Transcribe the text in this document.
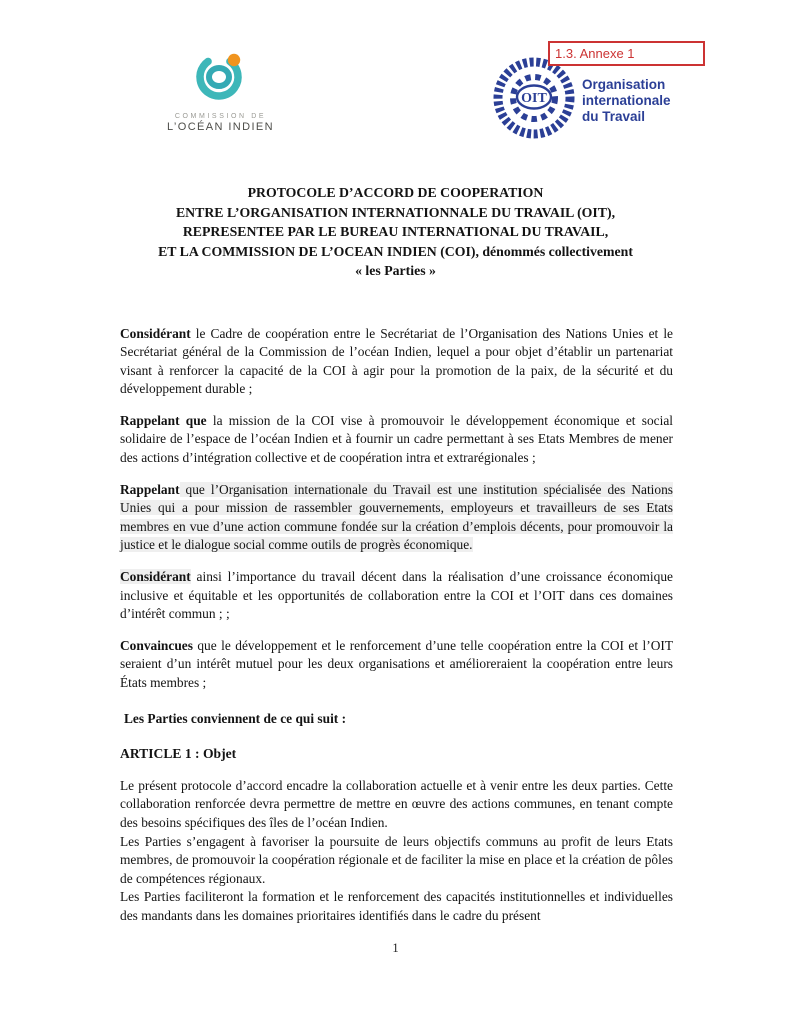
COMMISSION DE
L’OCÉAN INDIEN
OIT
Organisation
internationale
du Travail
1.3. Annexe 1
PROTOCOLE D’ACCORD DE COOPERATION
ENTRE L’ORGANISATION INTERNATIONNALE DU TRAVAIL (OIT),
REPRESENTEE PAR LE BUREAU INTERNATIONAL DU TRAVAIL,
ET LA COMMISSION DE L’OCEAN INDIEN (COI), dénommés collectivement
« les Parties »

Considérant le Cadre de coopération entre le Secrétariat de l’Organisation des Nations Unies et le Secrétariat général de la Commission de l’océan Indien, lequel a pour objet d’établir un partenariat visant à renforcer la capacité de la COI à agir pour la promotion de la paix, de la sécurité et du développement durable ;

Rappelant que la mission de la COI vise à promouvoir le développement économique et social solidaire de l’espace de l’océan Indien et à fournir un cadre permettant à ses Etats Membres de mener des actions d’intégration collective et de coopération intra et extrarégionales ;

Rappelant que l’Organisation internationale du Travail est une institution spécialisée des Nations Unies qui a pour mission de rassembler gouvernements, employeurs et travailleurs de ses Etats membres en vue d’une action commune fondée sur la création d’emplois décents, pour promouvoir la justice et le dialogue social comme outils de progrès économique.

Considérant ainsi l’importance du travail décent dans la réalisation d’une croissance économique inclusive et équitable et les opportunités de collaboration entre la COI et l’OIT dans ces domaines d’intérêt commun ; ;

Convaincues que le développement et le renforcement d’une telle coopération entre la COI et l’OIT seraient d’un intérêt mutuel pour les deux organisations et amélioreraient la coopération entre leurs États membres ;

Les Parties conviennent de ce qui suit :

ARTICLE 1 : Objet

Le présent protocole d’accord encadre la collaboration actuelle et à venir entre les deux parties. Cette collaboration renforcée devra permettre de mettre en œuvre des actions communes, en tenant compte des besoins spécifiques des îles de l’océan Indien.

Les Parties s’engagent à favoriser la poursuite de leurs objectifs communs au profit de leurs Etats membres, de promouvoir la coopération régionale et de faciliter la mise en place et la création de pôles de compétences régionaux.

Les Parties faciliteront la formation et le renforcement des capacités institutionnelles et individuelles des mandants dans les domaines prioritaires identifiés dans le cadre du présent

1
